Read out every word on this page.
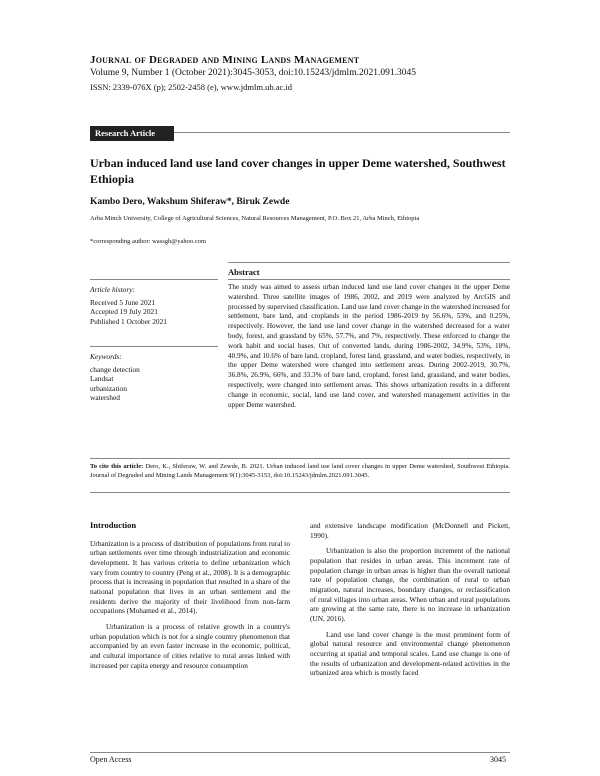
Journal of Degraded and Mining Lands Management
Volume 9, Number 1 (October 2021):3045-3053, doi:10.15243/jdmlm.2021.091.3045
ISSN: 2339-076X (p); 2502-2458 (e), www.jdmlm.ub.ac.id
Research Article
Urban induced land use land cover changes in upper Deme watershed, Southwest Ethiopia
Kambo Dero, Wakshum Shiferaw*, Biruk Zewde
Arba Minch University, College of Agricultural Sciences, Natural Resources Management, P.O. Box 21, Arba Minch, Ethiopia
*corresponding author: wassgh@yahoo.com
Abstract
Article history:
Received 5 June 2021
Accepted 19 July 2021
Published 1 October 2021
Keywords:
change detection
Landsat
urbanization
watershed
The study was aimed to assess urban induced land use land cover changes in the upper Deme watershed. Three satellite images of 1986, 2002, and 2019 were analyzed by ArcGIS and processed by supervised classification. Land use land cover change in the watershed increased for settlement, bare land, and croplands in the period 1986-2019 by 56.6%, 53%, and 0.25%, respectively. However, the land use land cover change in the watershed decreased for a water body, forest, and grassland by 65%, 57.7%, and 7%, respectively. These enforced to change the work habit and social bases. Out of converted lands, during 1986-2002, 34.9%, 53%, 18%, 40.9%, and 10.6% of bare land, cropland, forest land, grassland, and water bodies, respectively, in the upper Deme watershed were changed into settlement areas. During 2002-2019, 30.7%, 36.8%, 26.9%, 66%, and 33.3% of bare land, cropland, forest land, grassland, and water bodies, respectively, were changed into settlement areas. This shows urbanization results in a different change in economic, social, land use land cover, and watershed management activities in the upper Deme watershed.
To cite this article: Dero, K., Shiferaw, W. and Zewde, B. 2021. Urban induced land use land cover changes in upper Deme watershed, Southwest Ethiopia. Journal of Degraded and Mining Lands Management 9(1):3045-3153, doi:10.15243/jdmlm.2021.091.3045.

Introduction

Urbanization is a process of distribution of populations from rural to urban settlements over time through industrialization and economic development. It has various criteria to define urbanization which vary from country to country (Peng et al., 2008). It is a demographic process that is increasing in population that resulted in a share of the national population that lives in an urban settlement and the residents derive the majority of their livelihood from non-farm occupations (Mohamed et al., 2014).

Urbanization is a process of relative growth in a country's urban population which is not for a single country phenomenon that accompanied by an even faster increase in the economic, political, and cultural importance of cities relative to rural areas linked with increased per capita energy and resource consumption

and extensive landscape modification (McDonnell and Pickett, 1990).

Urbanization is also the proportion increment of the national population that resides in urban areas. This increment rate of population change in urban areas is higher than the overall national rate of population change, the combination of rural to urban migration, natural increases, boundary changes, or reclassification of rural villages into urban areas. When urban and rural populations are growing at the same rate, there is no increase in urbanization (UN, 2016).

Land use land cover change is the most prominent form of global natural resource and environmental change phenomenon occurring at spatial and temporal scales. Land use change is one of the results of urbanization and development-related activities in the urbanized area which is mostly faced

Open Access	3045
